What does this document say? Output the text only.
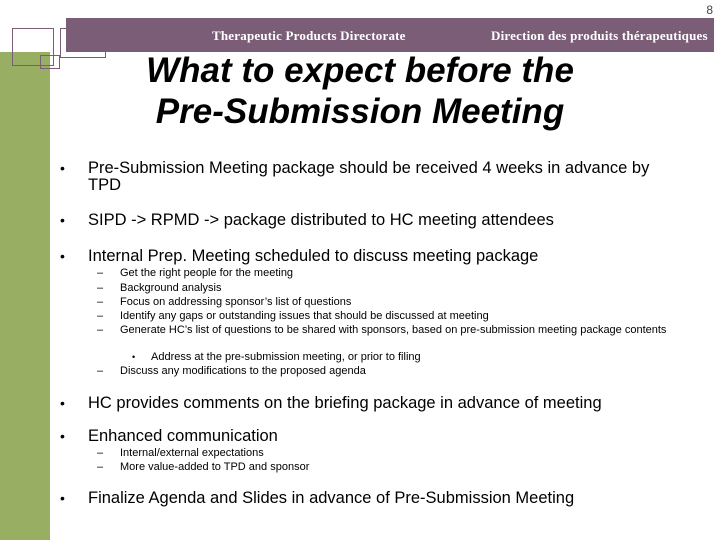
8
Therapeutic Products Directorate	Direction des produits thérapeutiques
What to expect before the
Pre-Submission Meeting
• Pre-Submission Meeting package should be received 4 weeks in advance by TPD
• SIPD -> RPMD -> package distributed to HC meeting attendees
• Internal Prep. Meeting scheduled to discuss meeting package
– Get the right people for the meeting
– Background analysis
– Focus on addressing sponsor’s list of questions
– Identify any gaps or outstanding issues that should be discussed at meeting
– Generate HC’s list of questions to be shared with sponsors, based on pre-submission meeting package contents
• Address at the pre-submission meeting, or prior to filing
– Discuss any modifications to the proposed agenda
• HC provides comments on the briefing package in advance of meeting
• Enhanced communication
– Internal/external expectations
– More value-added to TPD and sponsor
• Finalize Agenda and Slides in advance of Pre-Submission Meeting
